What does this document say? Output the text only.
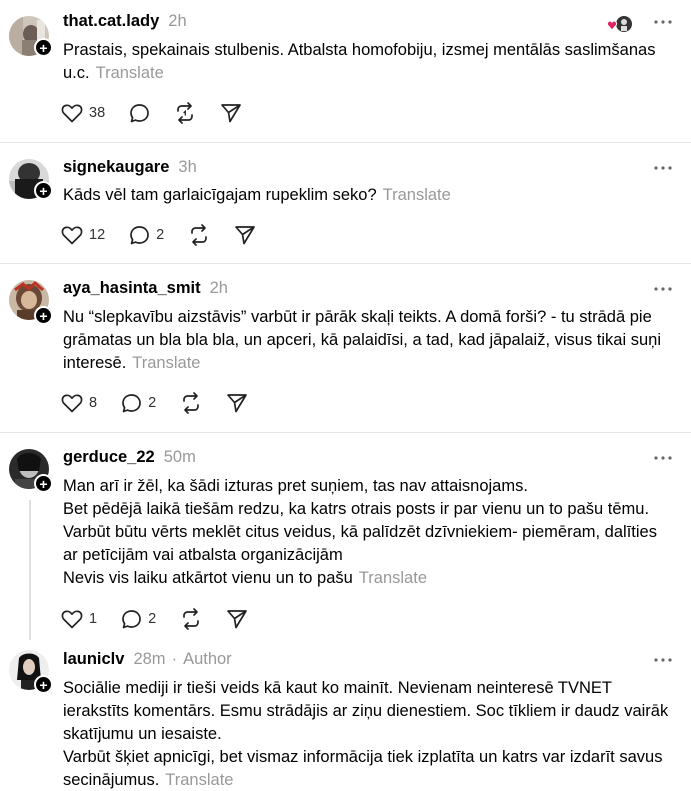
+
that.cat.lady 2h

Prastais, spekainais stulbenis. Atbalsta homofobiju, izsmej mentālās saslimšanas

u.c. Translate

38
+
signekaugare 3h

Kāds vēl tam garlaicīgajam rupeklim seko? Translate

12	2
+
aya_hasinta_smit 2h

Nu “slepkavību aizstāvis” varbūt ir pārāk skaļi teikts. A domā forši? - tu strādā pie

grāmatas un bla bla bla, un apceri, kā palaidīsi, a tad, kad jāpalaiž, visus tikai suņi

interesē. Translate

8	2
+
gerduce_22 50m

Man arī ir žēl, ka šādi izturas pret suņiem, tas nav attaisnojams.

Bet pēdējā laikā tiešām redzu, ka katrs otrais posts ir par vienu un to pašu tēmu.

Varbūt būtu vērts meklēt citus veidus, kā palīdzēt dzīvniekiem- piemēram, dalīties

ar petīcijām vai atbalsta organizācijām

Nevis vis laiku atkārtot vienu un to pašu Translate

1	2
+
launiclv 28m · Author

Sociālie mediji ir tieši veids kā kaut ko mainīt. Nevienam neinteresē TVNET

ierakstīts komentārs. Esmu strādājis ar ziņu dienestiem. Soc tīkliem ir daudz vairāk

skatījumu un iesaiste.

Varbūt šķiet apnicīgi, bet vismaz informācija tiek izplatīta un katrs var izdarīt savus

secinājumus. Translate
